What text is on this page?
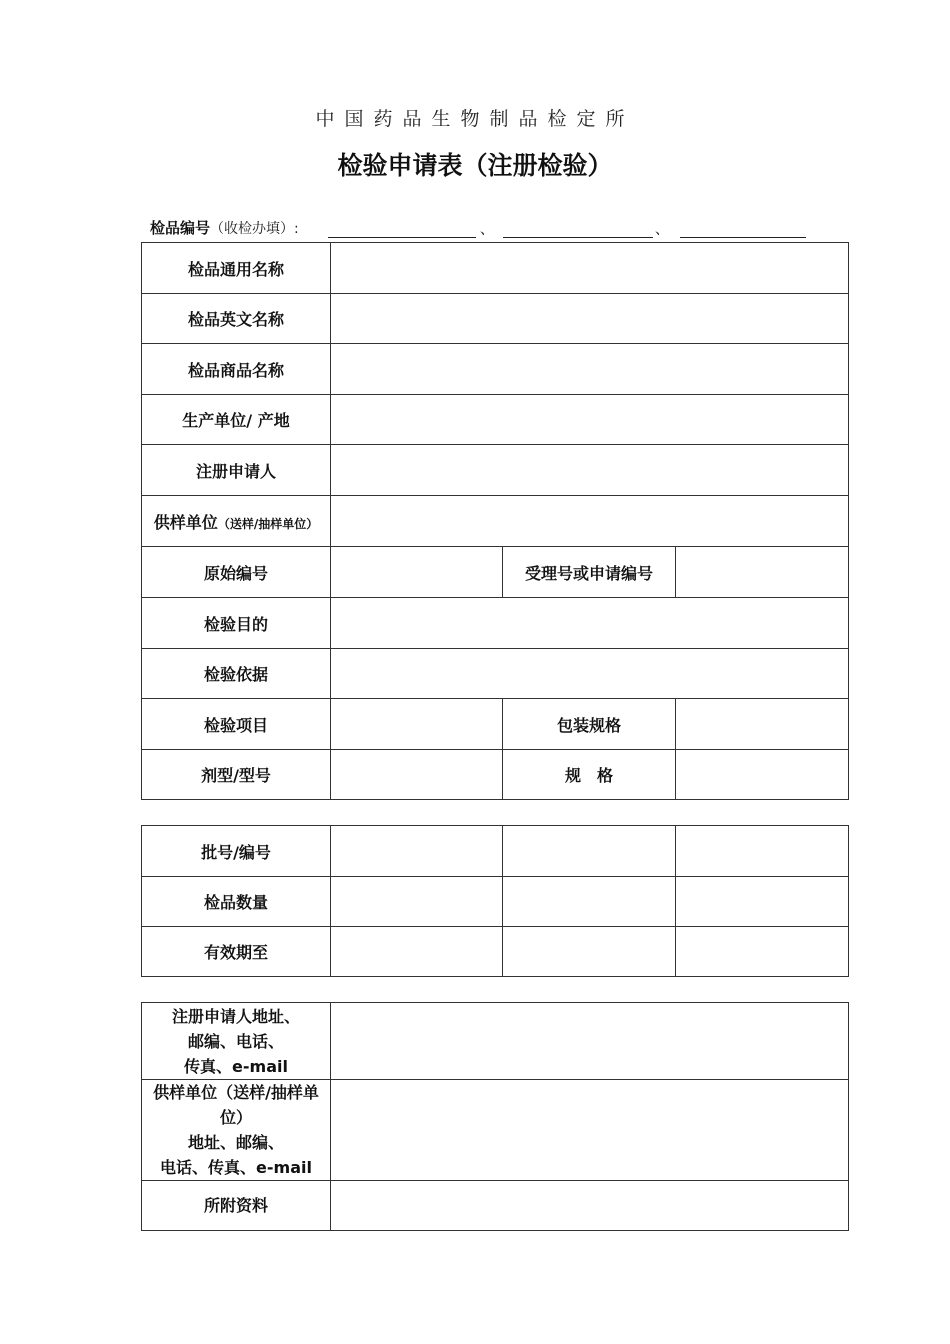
中国药品生物制品检定所
检验申请表（注册检验）
检品编号（收检办填）:	、	、
检品通用名称			
检品英文名称			
检品商品名称			
生产单位/ 产地			
注册申请人			
供样单位（送样/抽样单位）			
原始编号		受理号或申请编号	
检验目的			
检验依据			
检验项目		包装规格	
剂型/型号		规　格	
批号/编号			
检品数量			
有效期至			
注册申请人地址、
邮编、电话、
传真、e-mail	

供样单位（送样/抽样单位）
地址、邮编、
电话、传真、e-mail	

所附资料	
